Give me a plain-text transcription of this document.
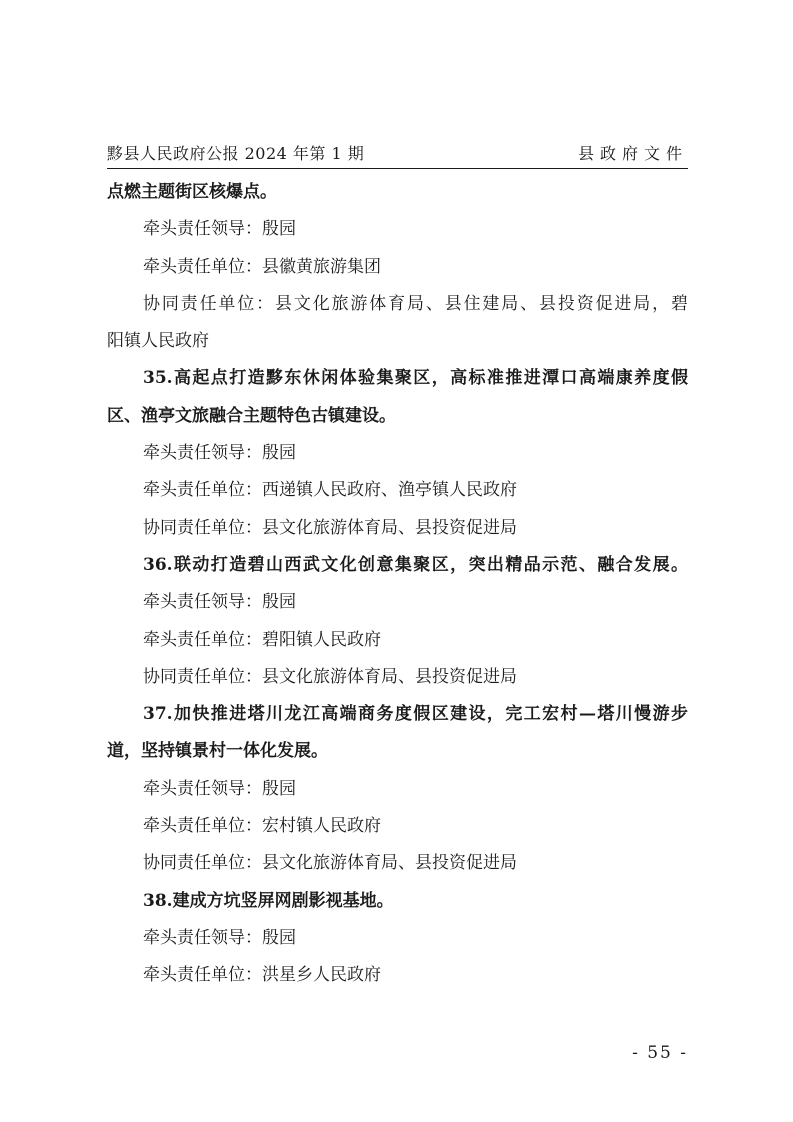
黟县人民政府公报 2024 年第 1 期	县政府文件
点燃主题街区核爆点。
牵头责任领导：殷园
牵头责任单位：县徽黄旅游集团
协同责任单位：县文化旅游体育局、县住建局、县投资促进局，碧
阳镇人民政府
35.高起点打造黟东休闲体验集聚区，高标准推进潭口高端康养度假
区、渔亭文旅融合主题特色古镇建设。
牵头责任领导：殷园
牵头责任单位：西递镇人民政府、渔亭镇人民政府
协同责任单位：县文化旅游体育局、县投资促进局
36.联动打造碧山西武文化创意集聚区，突出精品示范、融合发展。
牵头责任领导：殷园
牵头责任单位：碧阳镇人民政府
协同责任单位：县文化旅游体育局、县投资促进局
37.加快推进塔川龙江高端商务度假区建设，完工宏村—塔川慢游步
道，坚持镇景村一体化发展。
牵头责任领导：殷园
牵头责任单位：宏村镇人民政府
协同责任单位：县文化旅游体育局、县投资促进局
38.建成方坑竖屏网剧影视基地。
牵头责任领导：殷园
牵头责任单位：洪星乡人民政府
- 55 -
